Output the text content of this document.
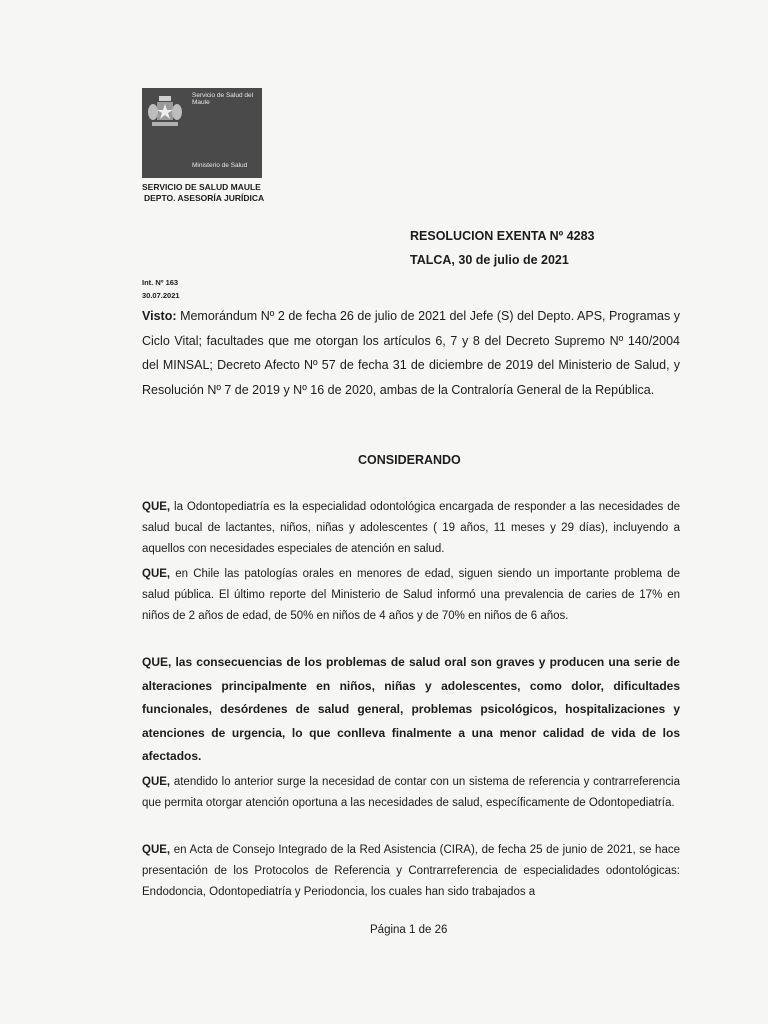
Servicio de Salud del Maule
Ministerio de Salud
SERVICIO DE SALUD MAULE
DEPTO. ASESORÍA JURÍDICA
RESOLUCION EXENTA Nº 4283
TALCA, 30 de julio de 2021
Int. Nº 163
30.07.2021
Visto: Memorándum Nº 2 de fecha 26 de julio de 2021 del Jefe (S) del Depto. APS, Programas y Ciclo Vital; facultades que me otorgan los artículos 6, 7 y 8 del Decreto Supremo Nº 140/2004 del MINSAL; Decreto Afecto Nº 57 de fecha 31 de diciembre de 2019 del Ministerio de Salud, y Resolución Nº 7 de 2019 y Nº 16 de 2020, ambas de la Contraloría General de la República.
CONSIDERANDO
QUE, la Odontopediatría es la especialidad odontológica encargada de responder a las necesidades de salud bucal de lactantes, niños, niñas y adolescentes ( 19 años, 11 meses y 29 días), incluyendo a aquellos con necesidades especiales de atención en salud.
QUE, en Chile las patologías orales en menores de edad, siguen siendo un importante problema de salud pública. El último reporte del Ministerio de Salud informó una prevalencia de caries de 17% en niños de 2 años de edad, de 50% en niños de 4 años y de 70% en niños de 6 años.
QUE, las consecuencias de los problemas de salud oral son graves y producen una serie de alteraciones principalmente en niños, niñas y adolescentes, como dolor, dificultades funcionales, desórdenes de salud general, problemas psicológicos, hospitalizaciones y atenciones de urgencia, lo que conlleva finalmente a una menor calidad de vida de los afectados.
QUE, atendido lo anterior surge la necesidad de contar con un sistema de referencia y contrarreferencia que permita otorgar atención oportuna a las necesidades de salud, específicamente de Odontopediatría.
QUE, en Acta de Consejo Integrado de la Red Asistencia (CIRA), de fecha 25 de junio de 2021, se hace presentación de los Protocolos de Referencia y Contrarreferencia de especialidades odontológicas: Endodoncia, Odontopediatría y Periodoncia, los cuales han sido trabajados a
Página 1 de 26
